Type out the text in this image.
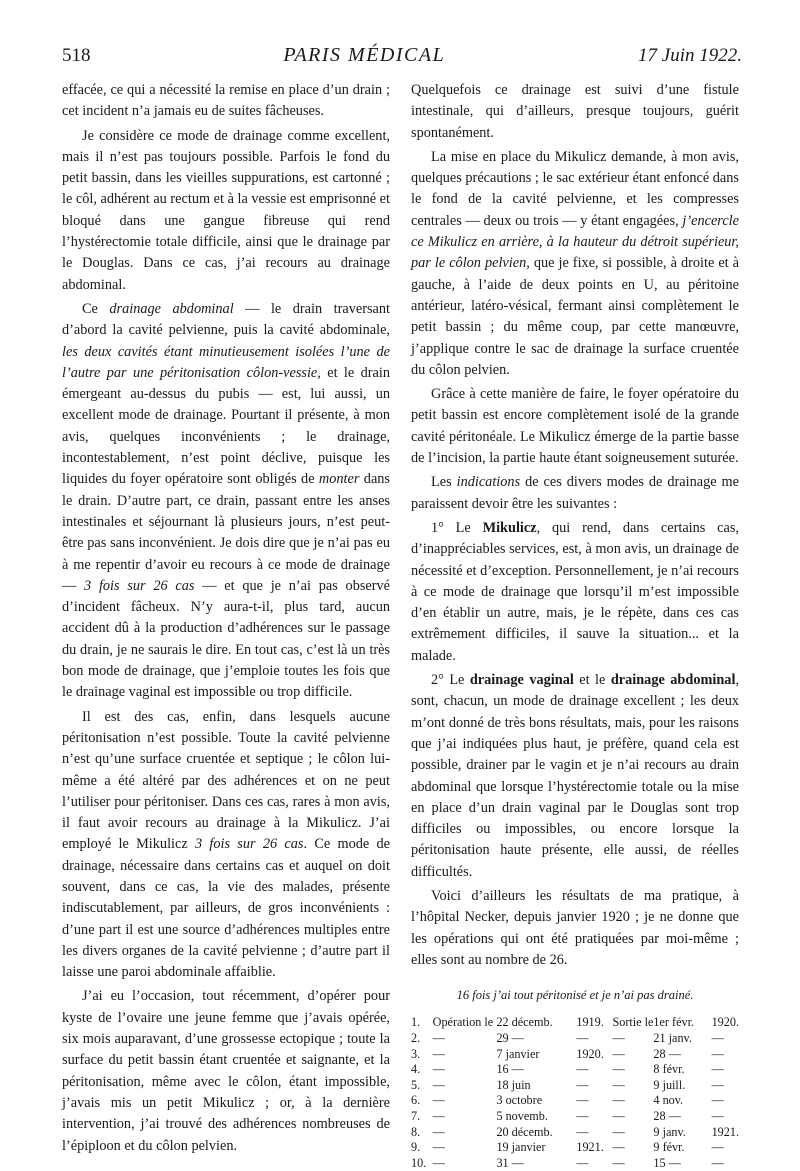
518	PARIS MÉDICAL	17 Juin 1922.

effacée, ce qui a nécessité la remise en place d’un drain ; cet incident n’a jamais eu de suites fâcheuses.

Je considère ce mode de drainage comme excellent, mais il n’est pas toujours possible. Parfois le fond du petit bassin, dans les vieilles suppurations, est cartonné ; le côl, adhérent au rectum et à la vessie est emprisonné et bloqué dans une gangue fibreuse qui rend l’hystérectomie totale difficile, ainsi que le drainage par le Douglas. Dans ce cas, j’ai recours au drainage abdominal.

Ce drainage abdominal — le drain traversant d’abord la cavité pelvienne, puis la cavité abdominale, les deux cavités étant minutieusement isolées l’une de l’autre par une péritonisation côlon-vessie, et le drain émergeant au-dessus du pubis — est, lui aussi, un excellent mode de drainage. Pourtant il présente, à mon avis, quelques inconvénients ; le drainage, incontestablement, n’est point déclive, puisque les liquides du foyer opératoire sont obligés de monter dans le drain. D’autre part, ce drain, passant entre les anses intestinales et séjournant là plusieurs jours, n’est peut-être pas sans inconvénient. Je dois dire que je n’ai pas eu à me repentir d’avoir eu recours à ce mode de drainage — 3 fois sur 26 cas — et que je n’ai pas observé d’incident fâcheux. N’y aura-t-il, plus tard, aucun accident dû à la production d’adhérences sur le passage du drain, je ne saurais le dire. En tout cas, c’est là un très bon mode de drainage, que j’emploie toutes les fois que le drainage vaginal est impossible ou trop difficile.

Il est des cas, enfin, dans lesquels aucune péritonisation n’est possible. Toute la cavité pelvienne n’est qu’une surface cruentée et septique ; le côlon lui-même a été altéré par des adhérences et on ne peut l’utiliser pour péritoniser. Dans ces cas, rares à mon avis, il faut avoir recours au drainage à la Mikulicz. J’ai employé le Mikulicz 3 fois sur 26 cas. Ce mode de drainage, nécessaire dans certains cas et auquel on doit souvent, dans ce cas, la vie des malades, présente indiscutablement, par ailleurs, de gros inconvénients : d’une part il est une source d’adhérences multiples entre les divers organes de la cavité pelvienne ; d’autre part il laisse une paroi abdominale affaiblie.

J’ai eu l’occasion, tout récemment, d’opérer pour kyste de l’ovaire une jeune femme que j’avais opérée, six mois auparavant, d’une grossesse ectopique ; toute la surface du petit bassin étant cruentée et saignante, et la péritonisation, même avec le côlon, étant impossible, j’avais mis un petit Mikulicz ; or, à la dernière intervention, j’ai trouvé des adhérences nombreuses de l’épiploon et du côlon pelvien.

Quelquefois ce drainage est suivi d’une fistule intestinale, qui d’ailleurs, presque toujours, guérit spontanément.

La mise en place du Mikulicz demande, à mon avis, quelques précautions ; le sac extérieur étant enfoncé dans le fond de la cavité pelvienne, et les compresses centrales — deux ou trois — y étant engagées, j’encercle ce Mikulicz en arrière, à la hauteur du détroit supérieur, par le côlon pelvien, que je fixe, si possible, à droite et à gauche, à l’aide de deux points en U, au péritoine antérieur, latéro-vésical, fermant ainsi complètement le petit bassin ; du même coup, par cette manœuvre, j’applique contre le sac de drainage la surface cruentée du côlon pelvien.

Grâce à cette manière de faire, le foyer opératoire du petit bassin est encore complètement isolé de la grande cavité péritonéale. Le Mikulicz émerge de la partie basse de l’incision, la partie haute étant soigneusement suturée.

Les indications de ces divers modes de drainage me paraissent devoir être les suivantes :

1° Le Mikulicz, qui rend, dans certains cas, d’inappréciables services, est, à mon avis, un drainage de nécessité et d’exception. Personnellement, je n’ai recours à ce mode de drainage que lorsqu’il m’est impossible d’en établir un autre, mais, je le répète, dans ces cas extrêmement difficiles, il sauve la situation... et la malade.

2° Le drainage vaginal et le drainage abdominal, sont, chacun, un mode de drainage excellent ; les deux m’ont donné de très bons résultats, mais, pour les raisons que j’ai indiquées plus haut, je préfère, quand cela est possible, drainer par le vagin et je n’ai recours au drain abdominal que lorsque l’hystérectomie totale ou la mise en place d’un drain vaginal par le Douglas sont trop difficiles ou impossibles, ou encore lorsque la péritonisation haute présente, elle aussi, de réelles difficultés.

Voici d’ailleurs les résultats de ma pratique, à l’hôpital Necker, depuis janvier 1920 ; je ne donne que les opérations qui ont été pratiquées par moi-même ; elles sont au nombre de 26.

16 fois j’ai tout péritonisé et je n’ai pas drainé.
1.	Opération le	22 décemb.	1919.	Sortie le	1er févr.	1920.
2.	—	29 —	—	—	21 janv.	—
3.	—	7 janvier	1920.	—	28 —	—
4.	—	16 —	—	—	8 févr.	—
5.	—	18 juin	—	—	9 juill.	—
6.	—	3 octobre	—	—	4 nov.	—
7.	—	5 novemb.	—	—	28 —	—
8.	—	20 décemb.	—	—	9 janv.	1921.
9.	—	19 janvier	1921.	—	9 févr.	—
10.	—	31 —	—	—	15 —	—
